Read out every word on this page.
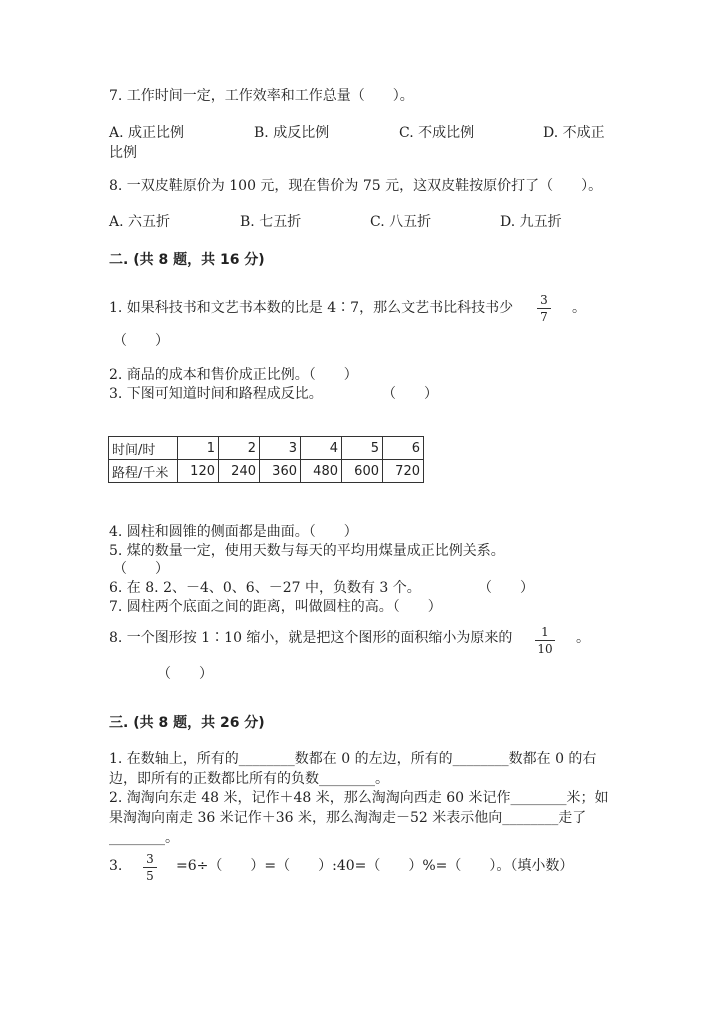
7. 工作时间一定，工作效率和工作总量（　　）。
A. 成正比例	B. 成反比例	C. 不成比例	D. 不成正
比例
8. 一双皮鞋原价为 100 元，现在售价为 75 元，这双皮鞋按原价打了（　　）。
A. 六五折	B. 七五折	C. 八五折	D. 九五折
二. (共 8 题，共 16 分)
1. 如果科技书和文艺书本数的比是 4∶7，那么文艺书比科技书少 3
7
。
（　　）
2. 商品的成本和售价成正比例。（　　）
3. 下图可知道时间和路程成反比。	（　　）
时间/时	1	2	3	4	5	6
路程/千米	120	240	360	480	600	720
4. 圆柱和圆锥的侧面都是曲面。（　　）
5. 煤的数量一定，使用天数与每天的平均用煤量成正比例关系。
（　　）
6. 在 8. 2、－4、0、6、－27 中，负数有 3 个。	（　　）
7. 圆柱两个底面之间的距离，叫做圆柱的高。（　　）
8. 一个图形按 1∶10 缩小，就是把这个图形的面积缩小为原来的	1
10
。
（　　）
三. (共 8 题，共 26 分)
1. 在数轴上，所有的________数都在 0 的左边，所有的________数都在 0 的右边，即所有的正数都比所有的负数________。
2. 淘淘向东走 48 米，记作＋48 米，那么淘淘向西走 60 米记作________米；如果淘淘向南走 36 米记作＋36 米，那么淘淘走－52 米表示他向________走了________。
3. 3
5
=6÷（　　）=（　　）:40=（　　）%=（　　）。（填小数）
